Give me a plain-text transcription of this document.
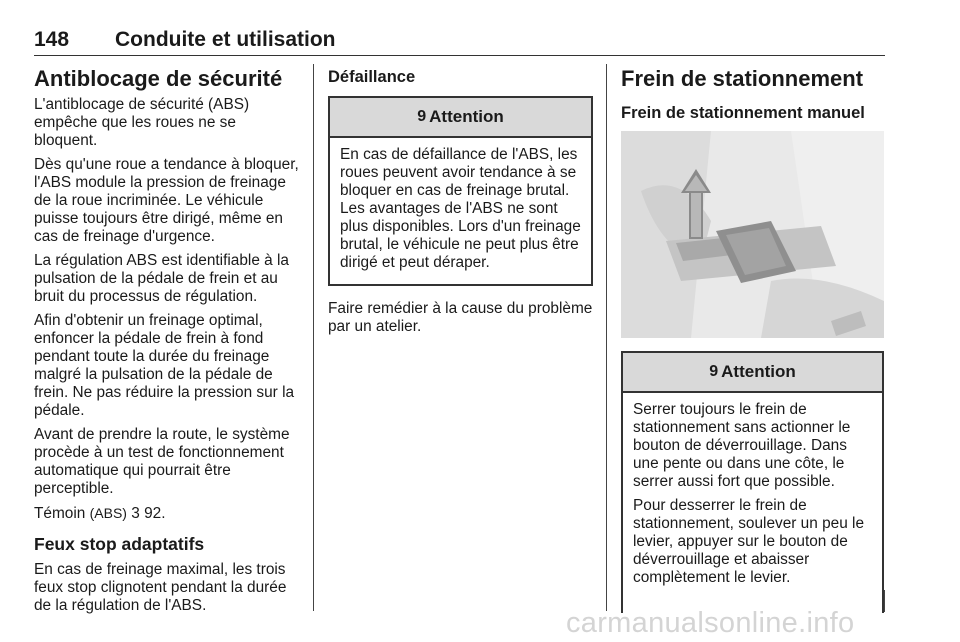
148 Conduite et utilisation
Antiblocage de sécurité

L'antiblocage de sécurité (ABS) empêche que les roues ne se bloquent.

Dès qu'une roue a tendance à bloquer, l'ABS module la pression de freinage de la roue incriminée. Le véhicule puisse toujours être dirigé, même en cas de freinage d'urgence.

La régulation ABS est identifiable à la pulsation de la pédale de frein et au bruit du processus de régulation.

Afin d'obtenir un freinage optimal, enfoncer la pédale de frein à fond pendant toute la durée du freinage malgré la pulsation de la pédale de frein. Ne pas réduire la pression sur la pédale.

Avant de prendre la route, le système procède à un test de fonctionnement automatique qui pourrait être perceptible.

Témoin (ABS) 3 92.

Feux stop adaptatifs

En cas de freinage maximal, les trois feux stop clignotent pendant la durée de la régulation de l'ABS.

Défaillance
9 Attention

En cas de défaillance de l'ABS, les roues peuvent avoir tendance à se bloquer en cas de freinage brutal. Les avantages de l'ABS ne sont plus disponibles. Lors d'un freinage brutal, le véhicule ne peut plus être dirigé et peut déraper.

Faire remédier à la cause du problème par un atelier.

Frein de stationnement
Frein de stationnement manuel
9 Attention

Serrer toujours le frein de stationnement sans actionner le bouton de déverrouillage. Dans une pente ou dans une côte, le serrer aussi fort que possible.

Pour desserrer le frein de stationnement, soulever un peu le levier, appuyer sur le bouton de déverrouillage et abaisser complètement le levier.

carmanualsonline.info
